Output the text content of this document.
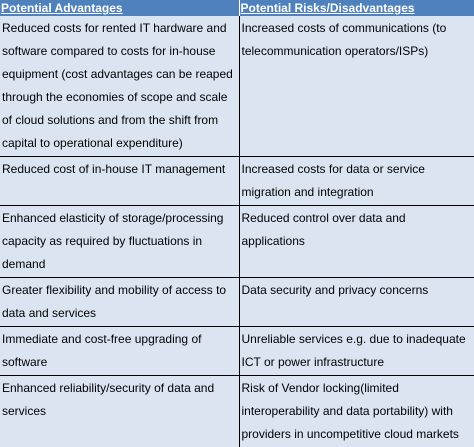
Potential Advantages	Potential Risks/Disadvantages
Reduced costs for rented IT hardware and software compared to costs for in-house equipment (cost advantages can be reaped through the economies of scope and scale of cloud solutions and from the shift from capital to operational expenditure)	Increased costs of communications (to telecommunication operators/ISPs)
Reduced cost of in-house IT management	Increased costs for data or service migration and integration
Enhanced elasticity of storage/processing capacity as required by fluctuations in demand	Reduced control over data and applications
Greater flexibility and mobility of access to data and services	Data security and privacy concerns
Immediate and cost-free upgrading of software	Unreliable services e.g. due to inadequate ICT or power infrastructure
Enhanced reliability/security of data and services	Risk of Vendor locking(limited interoperability and data portability) with providers in uncompetitive cloud markets
